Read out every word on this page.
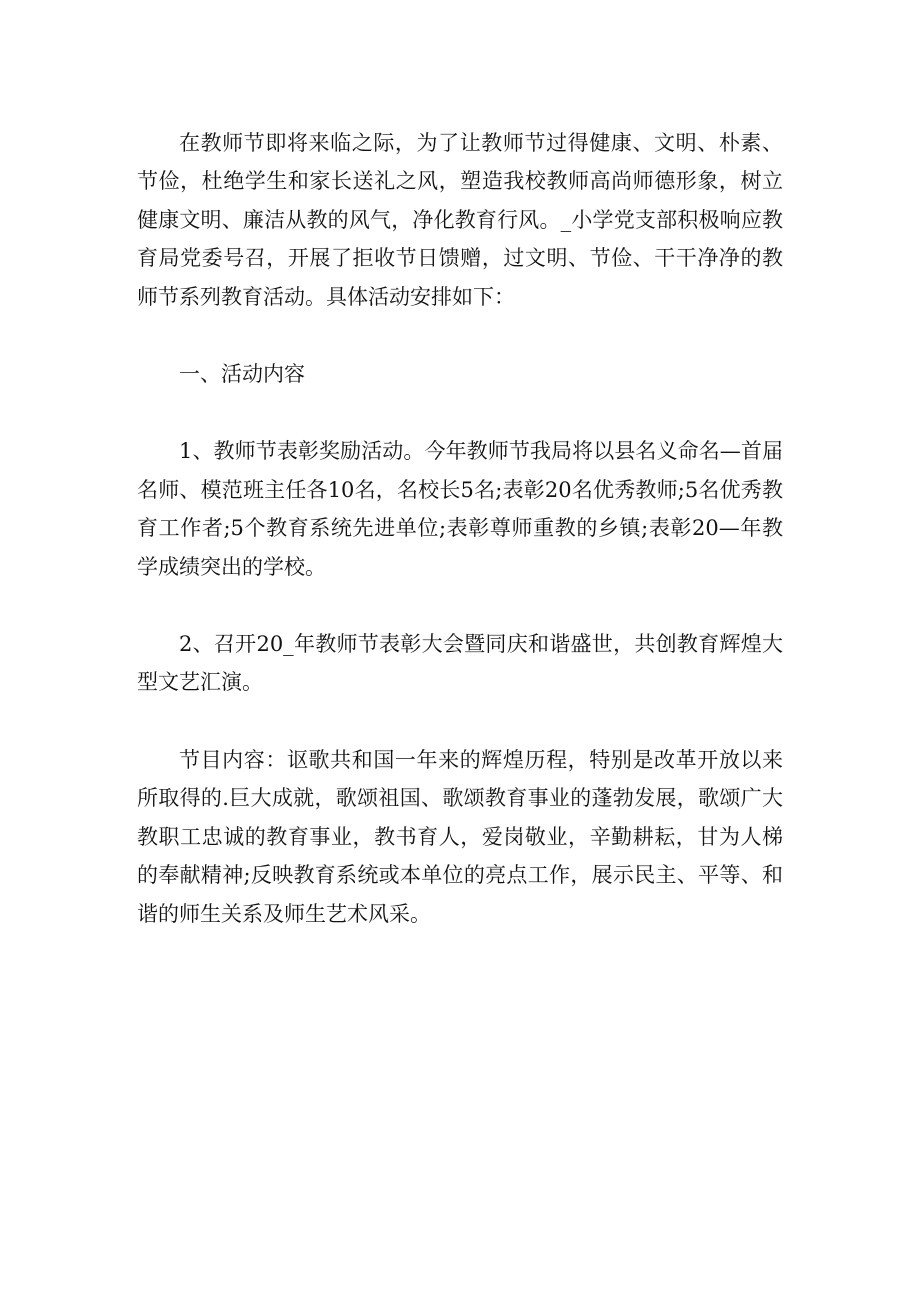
在教师节即将来临之际，为了让教师节过得健康、文明、朴素、节俭，杜绝学生和家长送礼之风，塑造我校教师高尚师德形象，树立健康文明、廉洁从教的风气，净化教育行风。_小学党支部积极响应教育局党委号召，开展了拒收节日馈赠，过文明、节俭、干干净净的教师节系列教育活动。具体活动安排如下：

一、活动内容

1、教师节表彰奖励活动。今年教师节我局将以县名义命名—首届名师、模范班主任各10名，名校长5名;表彰20名优秀教师;5名优秀教育工作者;5个教育系统先进单位;表彰尊师重教的乡镇;表彰20—年教学成绩突出的学校。

2、召开20_年教师节表彰大会暨同庆和谐盛世，共创教育辉煌大型文艺汇演。

节目内容：讴歌共和国一年来的辉煌历程，特别是改革开放以来所取得的.巨大成就，歌颂祖国、歌颂教育事业的蓬勃发展，歌颂广大教职工忠诚的教育事业，教书育人，爱岗敬业，辛勤耕耘，甘为人梯的奉献精神;反映教育系统或本单位的亮点工作，展示民主、平等、和谐的师生关系及师生艺术风采。
